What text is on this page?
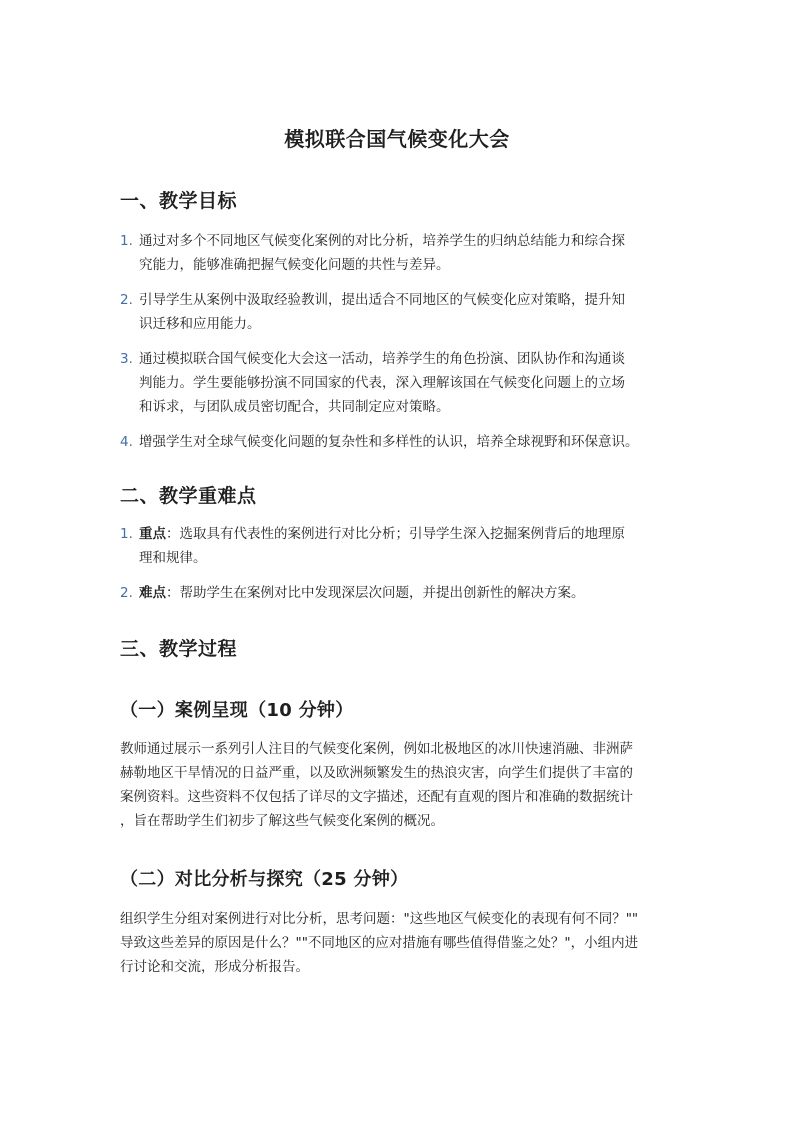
模拟联合国气候变化大会
一、教学目标
1. 通过对多个不同地区气候变化案例的对比分析，培养学生的归纳总结能力和综合探
究能力，能够准确把握气候变化问题的共性与差异。
2. 引导学生从案例中汲取经验教训，提出适合不同地区的气候变化应对策略，提升知
识迁移和应用能力。
3. 通过模拟联合国气候变化大会这一活动，培养学生的角色扮演、团队协作和沟通谈
判能力。学生要能够扮演不同国家的代表，深入理解该国在气候变化问题上的立场
和诉求，与团队成员密切配合，共同制定应对策略。
4. 增强学生对全球气候变化问题的复杂性和多样性的认识，培养全球视野和环保意识。
二、教学重难点
1. 重点：选取具有代表性的案例进行对比分析；引导学生深入挖掘案例背后的地理原
理和规律。
2. 难点：帮助学生在案例对比中发现深层次问题，并提出创新性的解决方案。
三、教学过程
（一）案例呈现（10 分钟）

教师通过展示一系列引人注目的气候变化案例，例如北极地区的冰川快速消融、非洲萨
赫勒地区干旱情况的日益严重，以及欧洲频繁发生的热浪灾害，向学生们提供了丰富的
案例资料。这些资料不仅包括了详尽的文字描述，还配有直观的图片和准确的数据统计
，旨在帮助学生们初步了解这些气候变化案例的概况。

（二）对比分析与探究（25 分钟）

组织学生分组对案例进行对比分析，思考问题："这些地区气候变化的表现有何不同？""
导致这些差异的原因是什么？""不同地区的应对措施有哪些值得借鉴之处？"，小组内进
行讨论和交流，形成分析报告。
